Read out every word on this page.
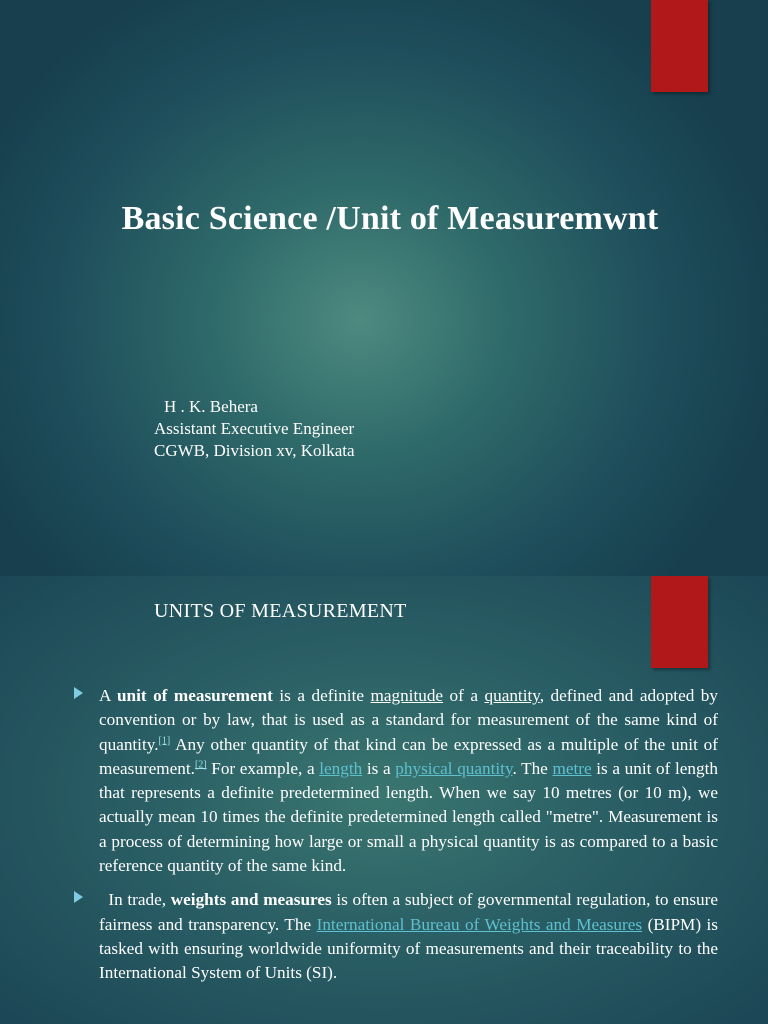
Basic Science /Unit of Measuremwnt
H . K. Behera
Assistant Executive Engineer
CGWB, Division xv, Kolkata
UNITS OF MEASUREMENT
A unit of measurement is a definite magnitude of a quantity, defined and adopted by convention or by law, that is used as a standard for measurement of the same kind of quantity.[1] Any other quantity of that kind can be expressed as a multiple of the unit of measurement.[2] For example, a length is a physical quantity. The metre is a unit of length that represents a definite predetermined length. When we say 10 metres (or 10 m), we actually mean 10 times the definite predetermined length called "metre". Measurement is a process of determining how large or small a physical quantity is as compared to a basic reference quantity of the same kind.
In trade, weights and measures is often a subject of governmental regulation, to ensure fairness and transparency. The International Bureau of Weights and Measures (BIPM) is tasked with ensuring worldwide uniformity of measurements and their traceability to the International System of Units (SI).
